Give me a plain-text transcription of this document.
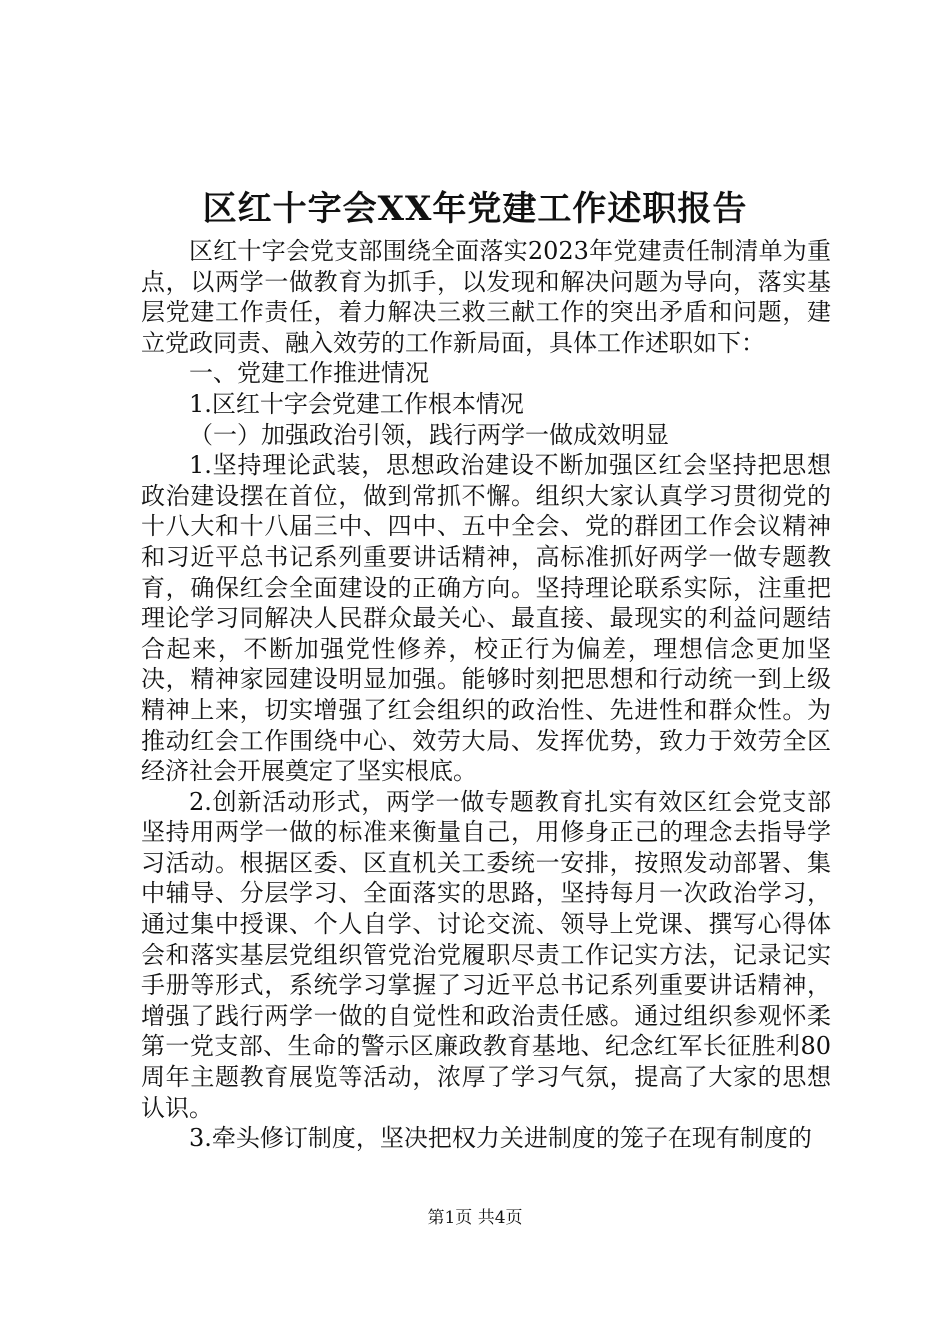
区红十字会XX年党建工作述职报告

区红十字会党支部围绕全面落实2023年党建责任制清单为重点，以两学一做教育为抓手，以发现和解决问题为导向，落实基层党建工作责任，着力解决三救三献工作的突出矛盾和问题，建立党政同责、融入效劳的工作新局面，具体工作述职如下：

一、党建工作推进情况

1.区红十字会党建工作根本情况

（一）加强政治引领，践行两学一做成效明显

1.坚持理论武装，思想政治建设不断加强区红会坚持把思想政治建设摆在首位，做到常抓不懈。组织大家认真学习贯彻党的十八大和十八届三中、四中、五中全会、党的群团工作会议精神和习近平总书记系列重要讲话精神，高标准抓好两学一做专题教育，确保红会全面建设的正确方向。坚持理论联系实际，注重把理论学习同解决人民群众最关心、最直接、最现实的利益问题结合起来，不断加强党性修养，校正行为偏差，理想信念更加坚决，精神家园建设明显加强。能够时刻把思想和行动统一到上级精神上来，切实增强了红会组织的政治性、先进性和群众性。为推动红会工作围绕中心、效劳大局、发挥优势，致力于效劳全区经济社会开展奠定了坚实根底。

2.创新活动形式，两学一做专题教育扎实有效区红会党支部坚持用两学一做的标准来衡量自己，用修身正己的理念去指导学习活动。根据区委、区直机关工委统一安排，按照发动部署、集中辅导、分层学习、全面落实的思路，坚持每月一次政治学习，通过集中授课、个人自学、讨论交流、领导上党课、撰写心得体会和落实基层党组织管党治党履职尽责工作记实方法，记录记实手册等形式，系统学习掌握了习近平总书记系列重要讲话精神，增强了践行两学一做的自觉性和政治责任感。通过组织参观怀柔第一党支部、生命的警示区廉政教育基地、纪念红军长征胜利80周年主题教育展览等活动，浓厚了学习气氛，提高了大家的思想认识。

3.牵头修订制度，坚决把权力关进制度的笼子在现有制度的

第1页 共4页
